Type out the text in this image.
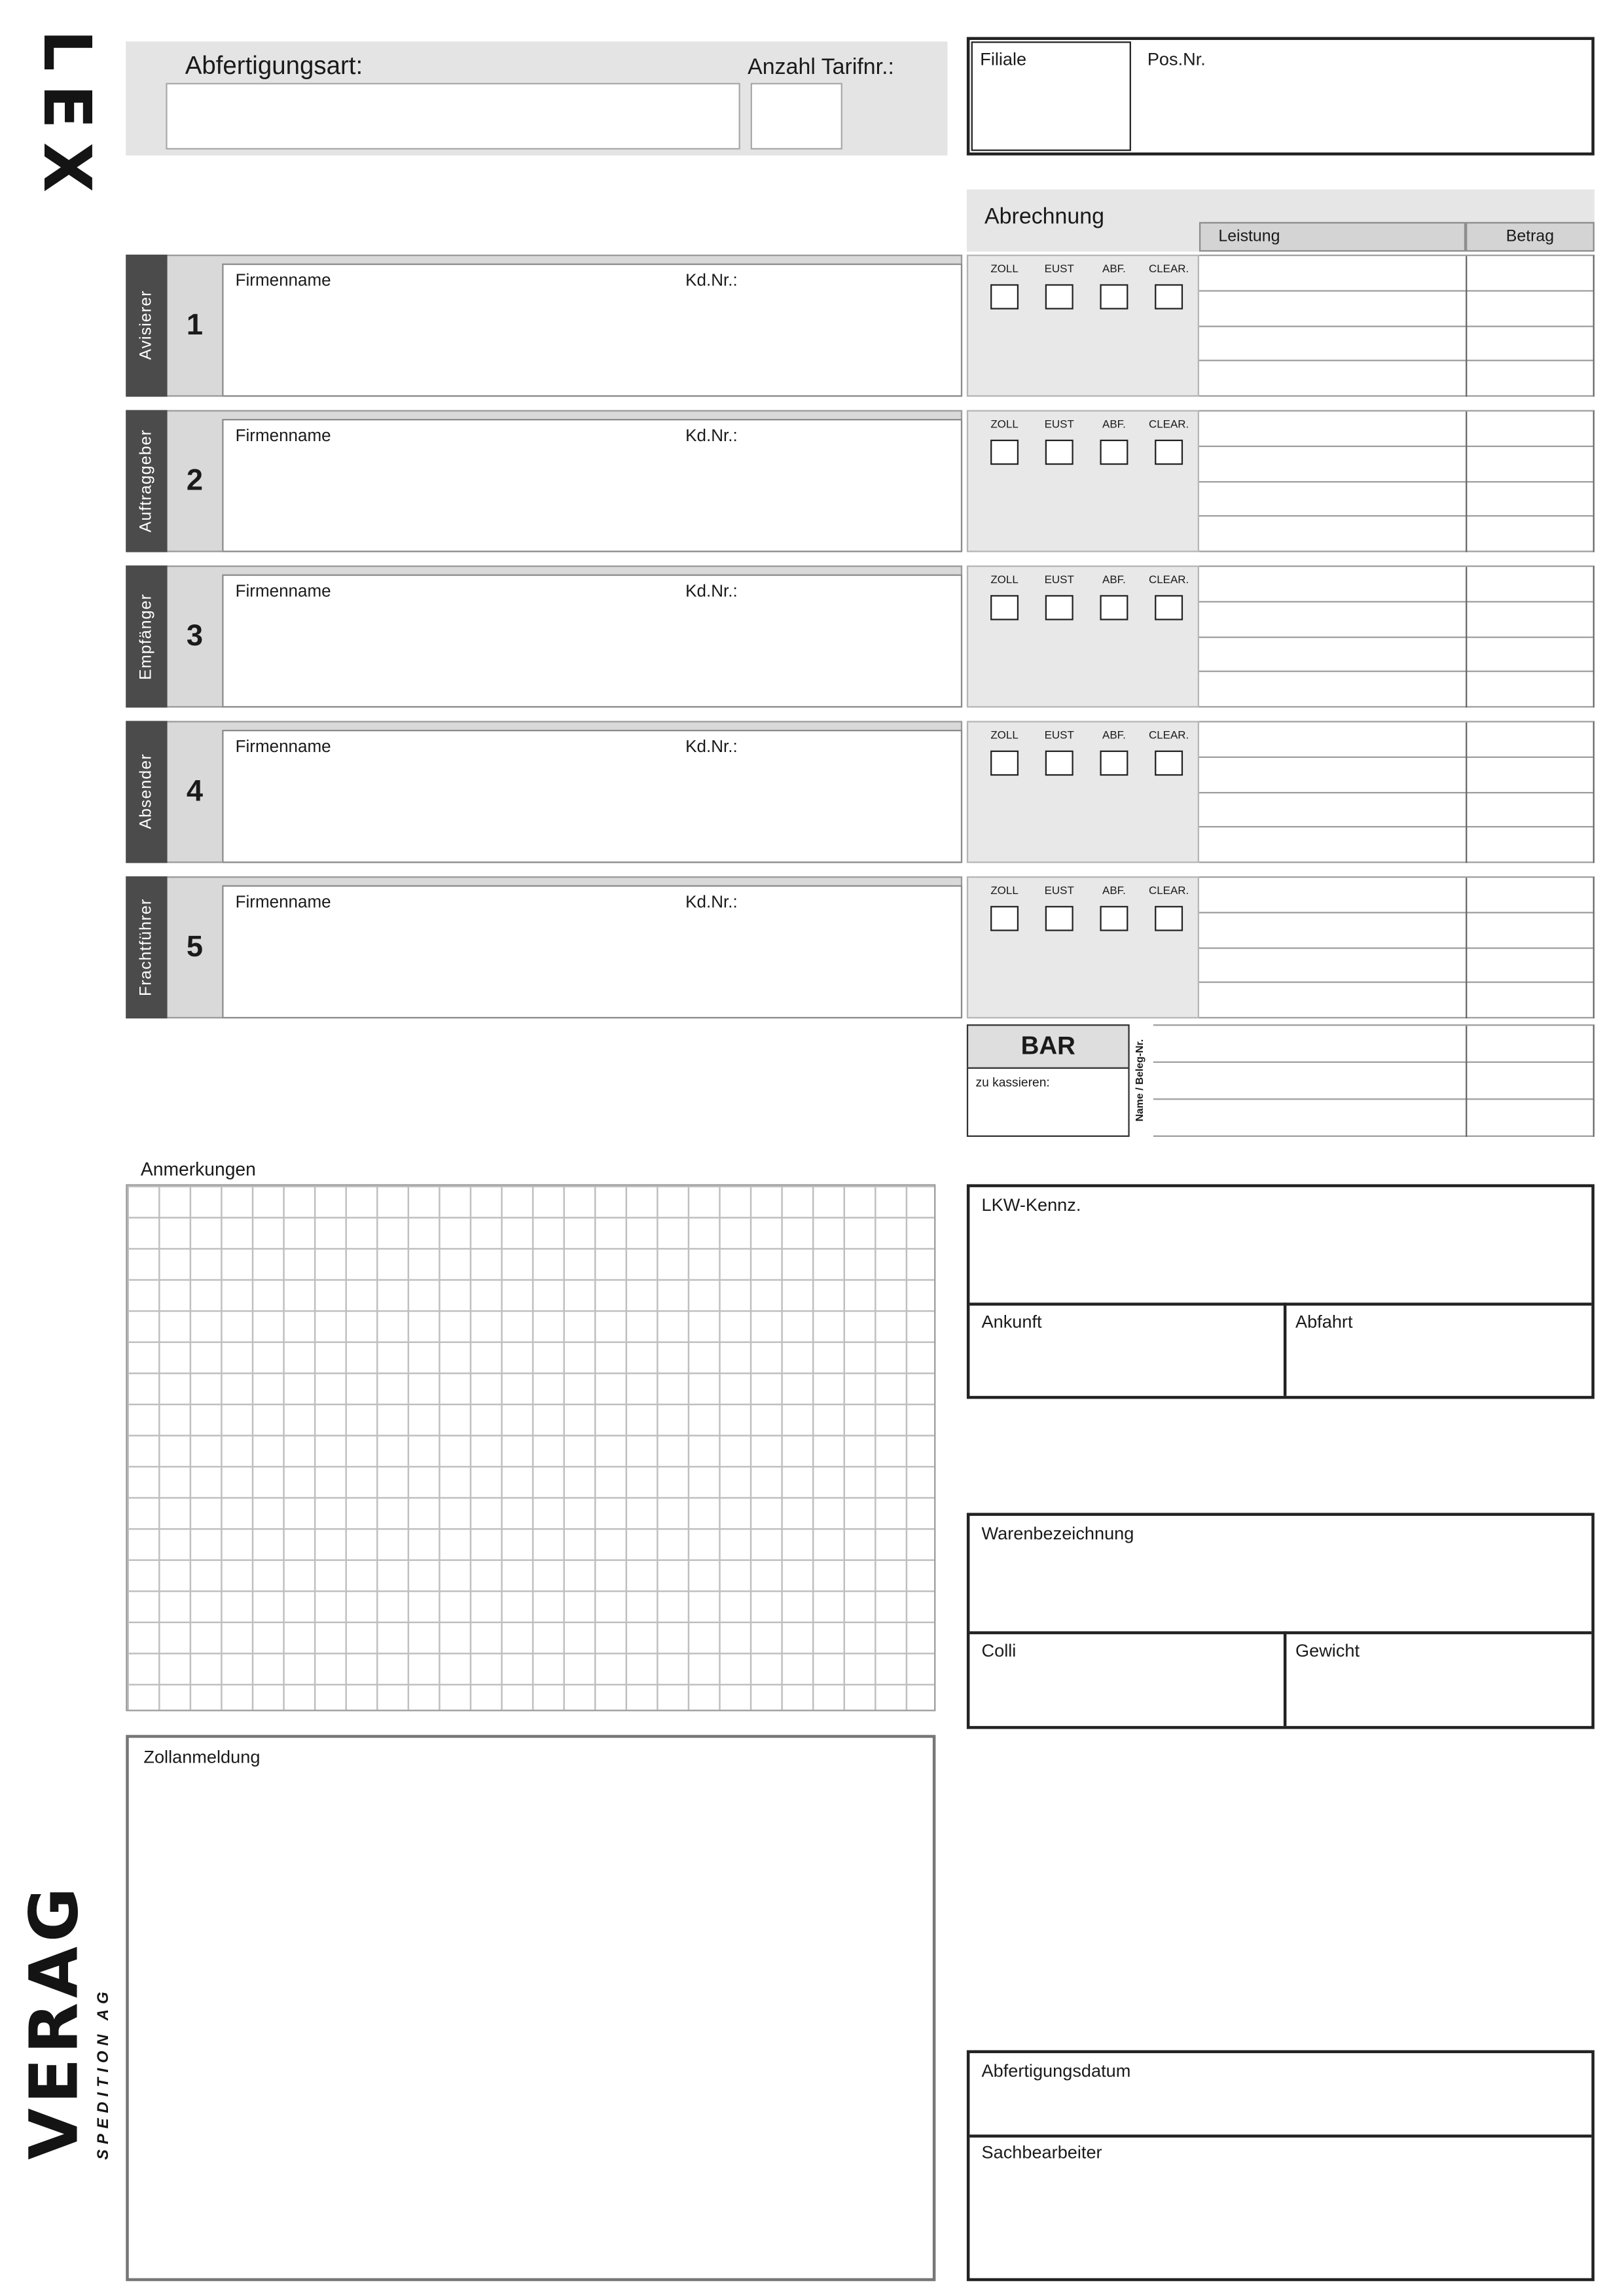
LEX	Abfertigungsart:	Anzahl Tarifnr.:	Filiale	Pos.Nr.
Abrechnung
Leistung	Betrag
Avisierer	1
Firmenname	Kd.Nr.:
ZOLL	EUST	ABF.	CLEAR.
Auftraggeber	2
Firmenname	Kd.Nr.:
ZOLL	EUST	ABF.	CLEAR.
Empfänger	3
Firmenname	Kd.Nr.:
ZOLL	EUST	ABF.	CLEAR.
Absender	4
Firmenname	Kd.Nr.:
ZOLL	EUST	ABF.	CLEAR.
Frachtführer	5
Firmenname	Kd.Nr.:
ZOLL	EUST	ABF.	CLEAR.
BAR
zu kassieren:	Name / Beleg-Nr.
Anmerkungen
LKW-Kennz.
Ankunft	Abfahrt
Warenbezeichnung
Colli	Gewicht
Zollanmeldung
Abfertigungsdatum
Sachbearbeiter
VERAG SPEDITION AG
